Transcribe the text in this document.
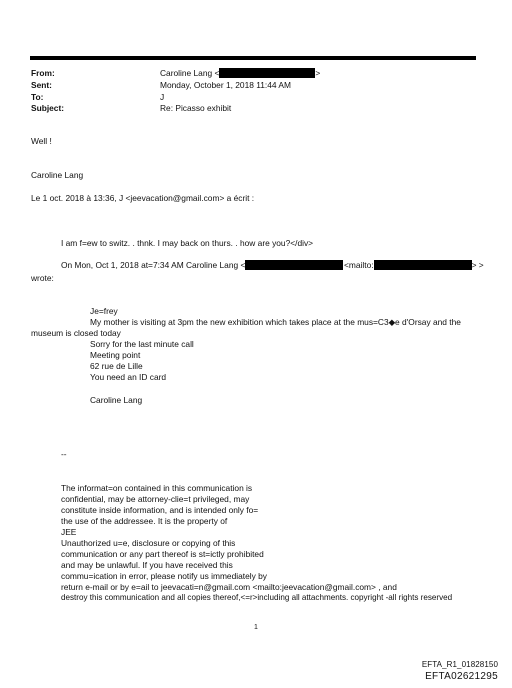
From:	Caroline Lang <	>
Sent:	Monday, October 1, 2018 11:44 AM
To:	J
Subject:	Re: Picasso exhibit
Well !
Caroline Lang
Le 1 oct. 2018 à 13:36, J <jeevacation@gmail.com> a écrit :
I am f=ew to switz. . thnk. I may back on thurs. . how are you?</div>
On Mon, Oct 1, 2018 at=7:34 AM Caroline Lang <	<mailto:	> >
wrote:
Je=frey
My mother is visiting at 3pm the new exhibition which takes place at the mus=C3◆e d'Orsay and the
museum is closed today
Sorry for the last minute call
Meeting point
62 rue de Lille
You need an ID card
Caroline Lang
--
The informat=on contained in this communication is
confidential, may be attorney-clie=t privileged, may
constitute inside information, and is intended only fo=
the use of the addressee. It is the property of
JEE
Unauthorized u=e, disclosure or copying of this
communication or any part thereof is st=ictly prohibited
and may be unlawful. If you have received this
commu=ication in error, please notify us immediately by
return e-mail or by e=ail to jeevacati=n@gmail.com <mailto:jeevacation@gmail.com> , and
destroy this communication and all copies thereof,<=r>including all attachments. copyright -all rights reserved
1
EFTA_R1_01828150
EFTA02621295
